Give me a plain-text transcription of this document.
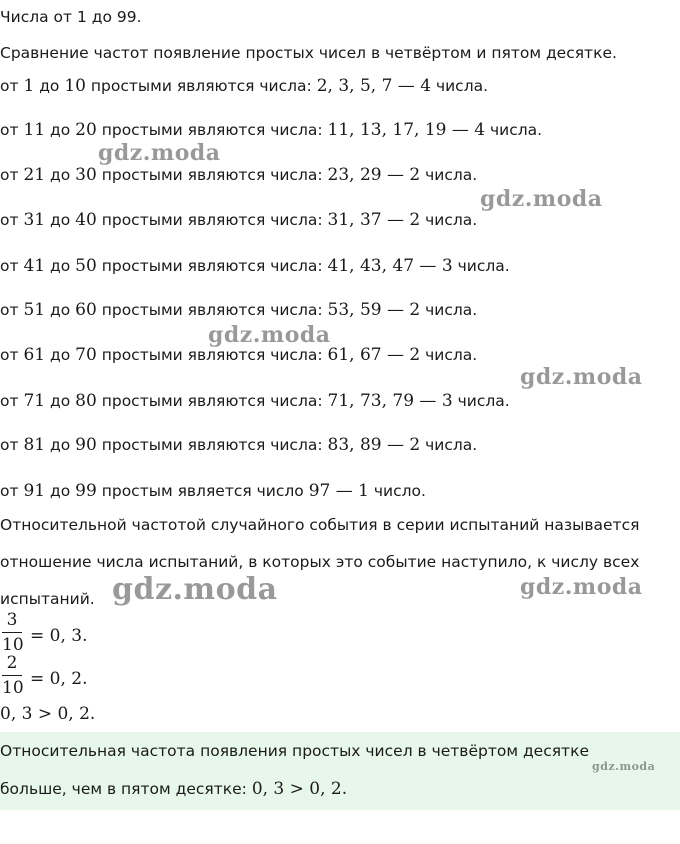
Числа от 1 до 99.
Сравнение частот появление простых чисел в четвёртом и пятом десятке.
от 1 до 10 простыми являются числа: 2, 3, 5, 7 — 4 числа.
от 11 до 20 простыми являются числа: 11, 13, 17, 19 — 4 числа.
от 21 до 30 простыми являются числа: 23, 29 — 2 числа.
от 31 до 40 простыми являются числа: 31, 37 — 2 числа.
от 41 до 50 простыми являются числа: 41, 43, 47 — 3 числа.
от 51 до 60 простыми являются числа: 53, 59 — 2 числа.
от 61 до 70 простыми являются числа: 61, 67 — 2 числа.
от 71 до 80 простыми являются числа: 71, 73, 79 — 3 числа.
от 81 до 90 простыми являются числа: 83, 89 — 2 числа.
от 91 до 99 простым является число 97 — 1 число.
Относительной частотой случайного события в серии испытаний называется
отношение числа испытаний, в которых это событие наступило, к числу всех
испытаний.
3
10 = 0, 3.
2
10 = 0, 2.
0, 3 > 0, 2.
Относительная частота появления простых чисел в четвёртом десятке
больше, чем в пятом десятке: 0, 3 > 0, 2.
gdz.moda
gdz.moda
gdz.moda
gdz.moda
gdz.moda	gdz.moda
gdz.moda
